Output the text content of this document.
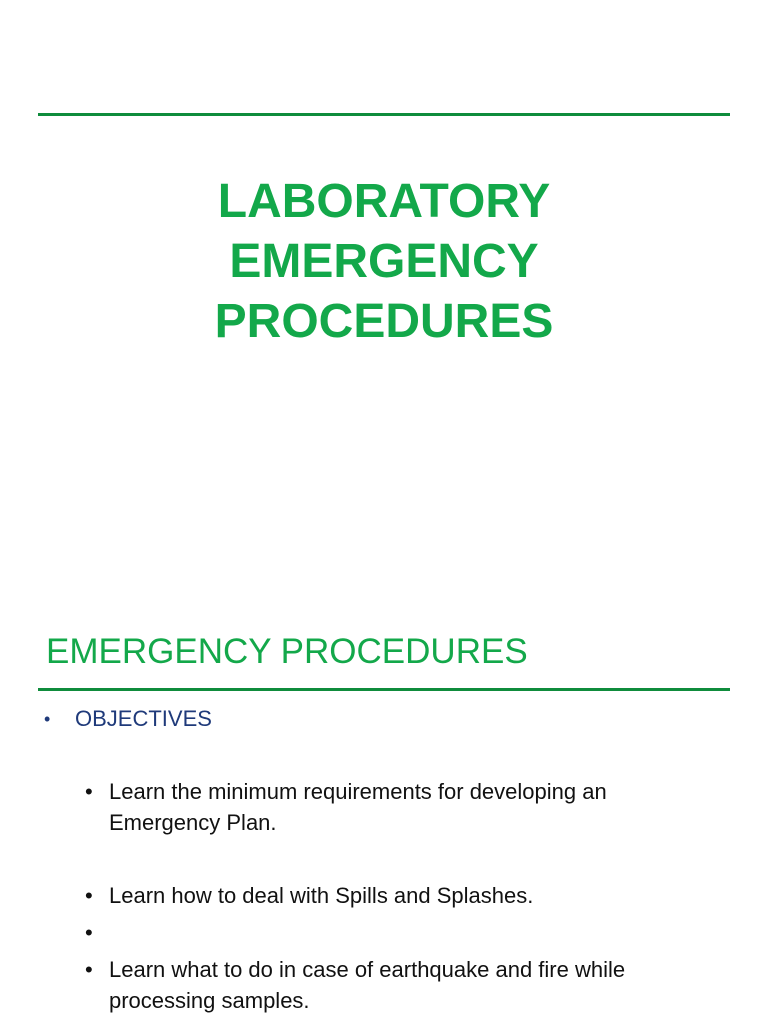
LABORATORY
EMERGENCY
PROCEDURES
EMERGENCY PROCEDURES
• OBJECTIVES
• Learn the minimum requirements for developing an
Emergency Plan.
• Learn how to deal with Spills and Splashes.
•
• Learn what to do in case of earthquake and fire while
processing samples.
